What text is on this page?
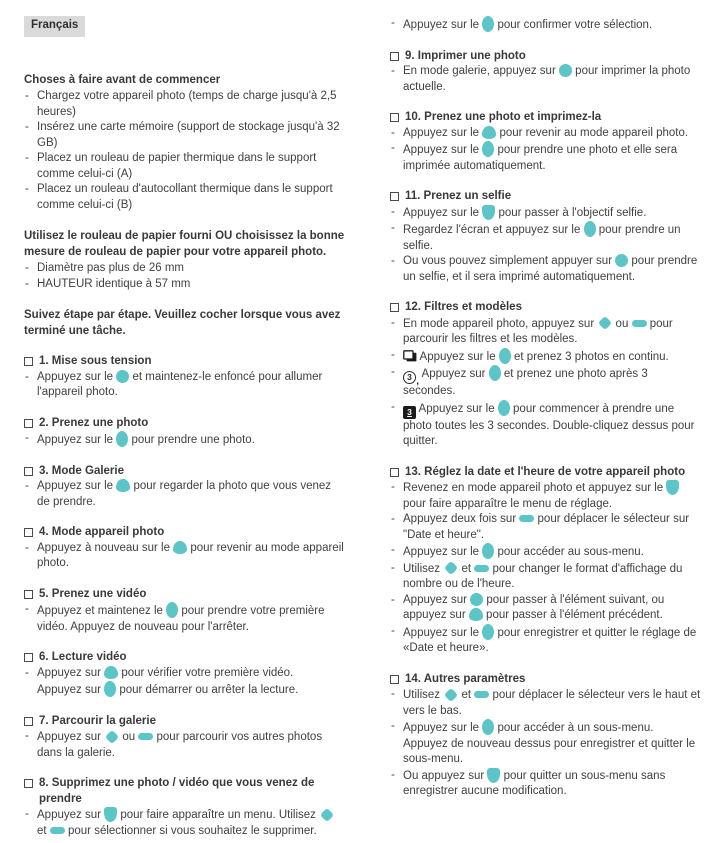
Français
Choses à faire avant de commencer
- Chargez votre appareil photo (temps de charge jusqu'à 2,5 heures)
- Insérez une carte mémoire (support de stockage jusqu'à 32 GB)
- Placez un rouleau de papier thermique dans le support comme celui-ci (A)
- Placez un rouleau d'autocollant thermique dans le support comme celui-ci (B)
Utilisez le rouleau de papier fourni OU choisissez la bonne mesure de rouleau de papier pour votre appareil photo.
- Diamètre pas plus de 26 mm
- HAUTEUR identique à 57 mm
Suivez étape par étape. Veuillez cocher lorsque vous avez terminé une tâche.
1. Mise sous tension
- Appuyez sur le  et maintenez-le enfoncé pour allumer l'appareil photo.
2. Prenez une photo
- Appuyez sur le  pour prendre une photo.
3. Mode Galerie
- Appuyez sur le  pour regarder la photo que vous venez de prendre.
4. Mode appareil photo
- Appuyez à nouveau sur le  pour revenir au mode appareil photo.
5. Prenez une vidéo
- Appuyez et maintenez le  pour prendre votre première vidéo. Appuyez de nouveau pour l'arrêter.
6. Lecture vidéo
- Appuyez sur  pour vérifier votre première vidéo.
Appuyez sur  pour démarrer ou arrêter la lecture.
7. Parcourir la galerie
- Appuyez sur  ou  pour parcourir vos autres photos dans la galerie.
8. Supprimez une photo / vidéo que vous venez de prendre
- Appuyez sur  pour faire apparaître un menu. Utilisez  et  pour sélectionner si vous souhaitez le supprimer.
- Appuyez sur le  pour confirmer votre sélection.
9. Imprimer une photo
- En mode galerie, appuyez sur  pour imprimer la photo actuelle.
10. Prenez une photo et imprimez-la
- Appuyez sur le  pour revenir au mode appareil photo.
- Appuyez sur le  pour prendre une photo et elle sera imprimée automatiquement.
11. Prenez un selfie
- Appuyez sur le  pour passer à l'objectif selfie.
- Regardez l'écran et appuyez sur le  pour prendre un selfie.
- Ou vous pouvez simplement appuyer sur  pour prendre un selfie, et il sera imprimé automatiquement.
12. Filtres et modèles
- En mode appareil photo, appuyez sur  ou  pour parcourir les filtres et les modèles.
- Appuyez sur le  et prenez 3 photos en continu.
- 3 , Appuyez sur  et prenez une photo après 3 secondes.
- 3 Appuyez sur le  pour commencer à prendre une photo toutes les 3 secondes. Double-cliquez dessus pour quitter.
13. Réglez la date et l'heure de votre appareil photo
- Revenez en mode appareil photo et appuyez sur le  pour faire apparaître le menu de réglage.
- Appuyez deux fois sur  pour déplacer le sélecteur sur "Date et heure".
- Appuyez sur le  pour accéder au sous-menu.
- Utilisez  et  pour changer le format d'affichage du nombre ou de l'heure.
- Appuyez sur  pour passer à l'élément suivant, ou appuyez sur  pour passer à l'élément précédent.
- Appuyez sur le  pour enregistrer et quitter le réglage de «Date et heure».
14. Autres paramètres
- Utilisez  et  pour déplacer le sélecteur vers le haut et vers le bas.
- Appuyez sur le  pour accéder à un sous-menu.
Appuyez de nouveau dessus pour enregistrer et quitter le sous-menu.
- Ou appuyez sur  pour quitter un sous-menu sans enregistrer aucune modification.
